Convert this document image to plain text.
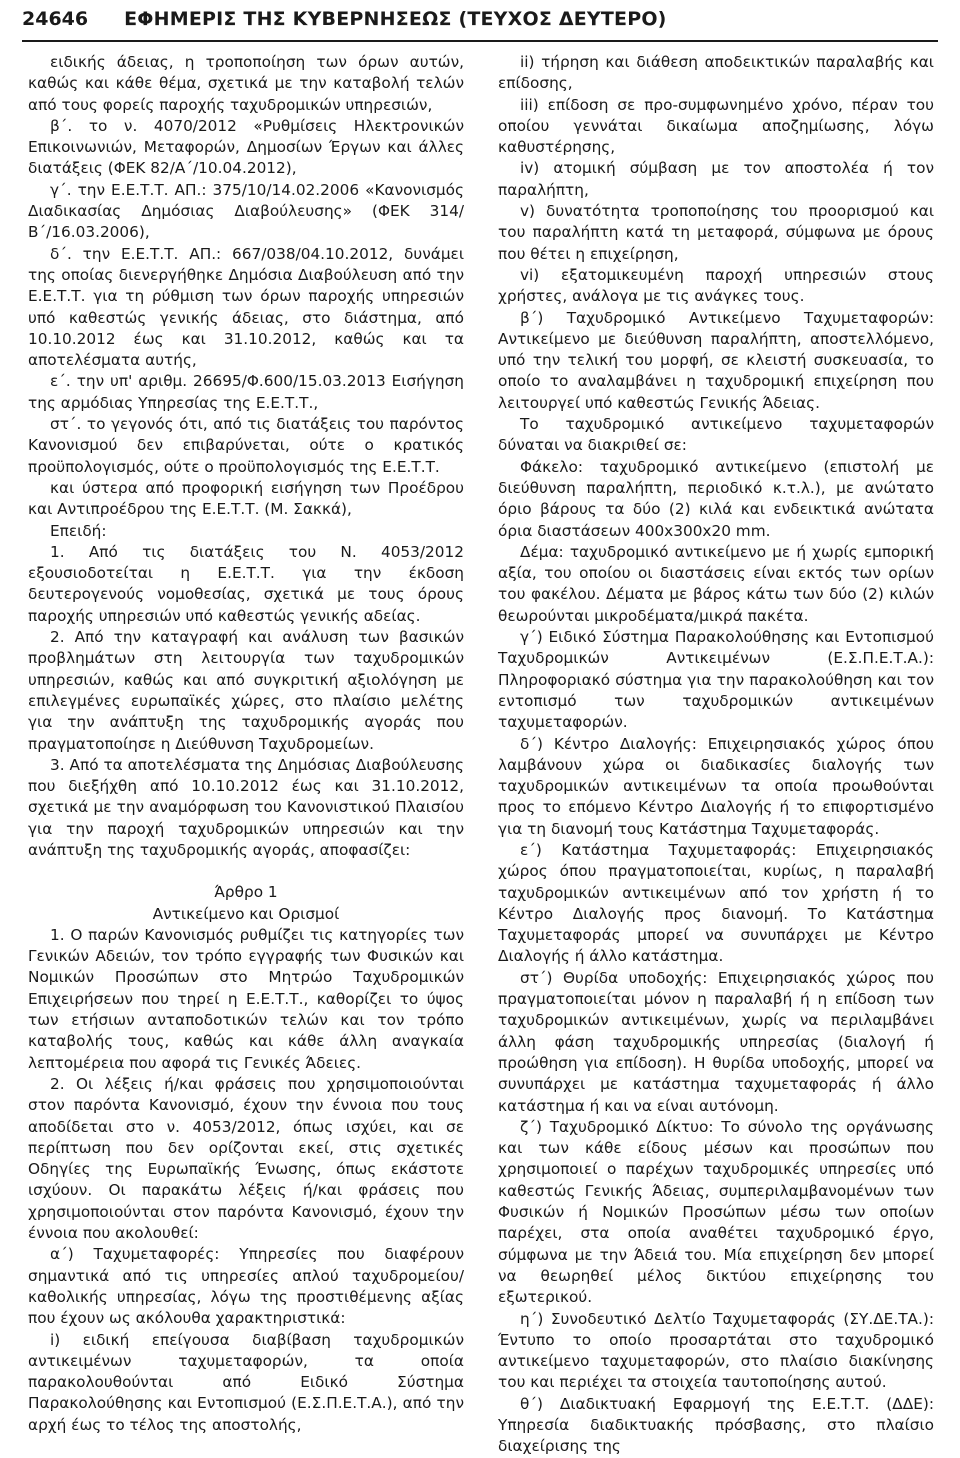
24646 ΕΦΗΜΕΡΙΣ ΤΗΣ ΚΥΒΕΡΝΗΣΕΩΣ (ΤΕΥΧΟΣ ΔΕΥΤΕΡΟ)

ειδικής άδειας, η τροποποίηση των όρων αυτών, καθώς και κάθε θέμα, σχετικά με την καταβολή τελών από τους φορείς παροχής ταχυδρομικών υπηρεσιών,

β΄. το ν. 4070/2012 «Ρυθμίσεις Ηλεκτρονικών Επικοινωνιών, Μεταφορών, Δημοσίων Έργων και άλλες διατάξεις (ΦΕΚ 82/Α΄/10.04.2012),

γ΄. την Ε.Ε.Τ.Τ. ΑΠ.: 375/10/14.02.2006 «Κανονισμός Διαδικασίας Δημόσιας Διαβούλευσης» (ΦΕΚ 314/Β΄/16.03.2006),

δ΄. την Ε.Ε.Τ.Τ. ΑΠ.: 667/038/04.10.2012, δυνάμει της οποίας διενεργήθηκε Δημόσια Διαβούλευση από την Ε.Ε.Τ.Τ. για τη ρύθμιση των όρων παροχής υπηρεσιών υπό καθεστώς γενικής άδειας, στο διάστημα, από 10.10.2012 έως και 31.10.2012, καθώς και τα αποτελέσματα αυτής,

ε΄. την υπ' αριθμ. 26695/Φ.600/15.03.2013 Εισήγηση της αρμόδιας Υπηρεσίας της Ε.Ε.Τ.Τ.,

στ΄. το γεγονός ότι, από τις διατάξεις του παρόντος Κανονισμού δεν επιβαρύνεται, ούτε ο κρατικός προϋπολογισμός, ούτε ο προϋπολογισμός της Ε.Ε.Τ.Τ.

και ύστερα από προφορική εισήγηση των Προέδρου και Αντιπροέδρου της Ε.Ε.Τ.Τ. (Μ. Σακκά),

Επειδή:

1. Από τις διατάξεις του Ν. 4053/2012 εξουσιοδοτείται η Ε.Ε.Τ.Τ. για την έκδοση δευτερογενούς νομοθεσίας, σχετικά με τους όρους παροχής υπηρεσιών υπό καθεστώς γενικής αδείας.

2. Από την καταγραφή και ανάλυση των βασικών προβλημάτων στη λειτουργία των ταχυδρομικών υπηρεσιών, καθώς και από συγκριτική αξιολόγηση με επιλεγμένες ευρωπαϊκές χώρες, στο πλαίσιο μελέτης για την ανάπτυξη της ταχυδρομικής αγοράς που πραγματοποίησε η Διεύθυνση Ταχυδρομείων.

3. Από τα αποτελέσματα της Δημόσιας Διαβούλευσης που διεξήχθη από 10.10.2012 έως και 31.10.2012, σχετικά με την αναμόρφωση του Κανονιστικού Πλαισίου για την παροχή ταχυδρομικών υπηρεσιών και την ανάπτυξη της ταχυδρομικής αγοράς, αποφασίζει:

Άρθρο 1

Αντικείμενο και Ορισμοί

1. Ο παρών Κανονισμός ρυθμίζει τις κατηγορίες των Γενικών Αδειών, τον τρόπο εγγραφής των Φυσικών και Νομικών Προσώπων στο Μητρώο Ταχυδρομικών Επιχειρήσεων που τηρεί η Ε.Ε.Τ.Τ., καθορίζει το ύψος των ετήσιων ανταποδοτικών τελών και τον τρόπο καταβολής τους, καθώς και κάθε άλλη αναγκαία λεπτομέρεια που αφορά τις Γενικές Άδειες.

2. Οι λέξεις ή/και φράσεις που χρησιμοποιούνται στον παρόντα Κανονισμό, έχουν την έννοια που τους αποδίδεται στο ν. 4053/2012, όπως ισχύει, και σε περίπτωση που δεν ορίζονται εκεί, στις σχετικές Οδηγίες της Ευρωπαϊκής Ένωσης, όπως εκάστοτε ισχύουν. Οι παρακάτω λέξεις ή/και φράσεις που χρησιμοποιούνται στον παρόντα Κανονισμό, έχουν την έννοια που ακολουθεί:

α΄) Ταχυμεταφορές: Υπηρεσίες που διαφέρουν σημαντικά από τις υπηρεσίες απλού ταχυδρομείου/καθολικής υπηρεσίας, λόγω της προστιθέμενης αξίας που έχουν ως ακόλουθα χαρακτηριστικά:

i) ειδική επείγουσα διαβίβαση ταχυδρομικών αντικειμένων ταχυμεταφορών, τα οποία παρακολουθούνται από Ειδικό Σύστημα Παρακολούθησης και Εντοπισμού (Ε.Σ.Π.Ε.Τ.Α.), από την αρχή έως το τέλος της αποστολής,

ii) τήρηση και διάθεση αποδεικτικών παραλαβής και επίδοσης,

iii) επίδοση σε προ-συμφωνημένο χρόνο, πέραν του οποίου γεννάται δικαίωμα αποζημίωσης, λόγω καθυστέρησης,

iv) ατομική σύμβαση με τον αποστολέα ή τον παραλήπτη,

v) δυνατότητα τροποποίησης του προορισμού και του παραλήπτη κατά τη μεταφορά, σύμφωνα με όρους που θέτει η επιχείρηση,

vi) εξατομικευμένη παροχή υπηρεσιών στους χρήστες, ανάλογα με τις ανάγκες τους.

β΄) Ταχυδρομικό Αντικείμενο Ταχυμεταφορών: Αντικείμενο με διεύθυνση παραλήπτη, αποστελλόμενο, υπό την τελική του μορφή, σε κλειστή συσκευασία, το οποίο το αναλαμβάνει η ταχυδρομική επιχείρηση που λειτουργεί υπό καθεστώς Γενικής Άδειας.

Το ταχυδρομικό αντικείμενο ταχυμεταφορών δύναται να διακριθεί σε:

Φάκελο: ταχυδρομικό αντικείμενο (επιστολή με διεύθυνση παραλήπτη, περιοδικό κ.τ.λ.), με ανώτατο όριο βάρους τα δύο (2) κιλά και ενδεικτικά ανώτατα όρια διαστάσεων 400x300x20 mm.

Δέμα: ταχυδρομικό αντικείμενο με ή χωρίς εμπορική αξία, του οποίου οι διαστάσεις είναι εκτός των ορίων του φακέλου. Δέματα με βάρος κάτω των δύο (2) κιλών θεωρούνται μικροδέματα/μικρά πακέτα.

γ΄) Ειδικό Σύστημα Παρακολούθησης και Εντοπισμού Ταχυδρομικών Αντικειμένων (Ε.Σ.Π.Ε.Τ.Α.): Πληροφοριακό σύστημα για την παρακολούθηση και τον εντοπισμό των ταχυδρομικών αντικειμένων ταχυμεταφορών.

δ΄) Κέντρο Διαλογής: Επιχειρησιακός χώρος όπου λαμβάνουν χώρα οι διαδικασίες διαλογής των ταχυδρομικών αντικειμένων τα οποία προωθούνται προς το επόμενο Κέντρο Διαλογής ή το επιφορτισμένο για τη διανομή τους Κατάστημα Ταχυμεταφοράς.

ε΄) Κατάστημα Ταχυμεταφοράς: Επιχειρησιακός χώρος όπου πραγματοποιείται, κυρίως, η παραλαβή ταχυδρομικών αντικειμένων από τον χρήστη ή το Κέντρο Διαλογής προς διανομή. Το Κατάστημα Ταχυμεταφοράς μπορεί να συνυπάρχει με Κέντρο Διαλογής ή άλλο κατάστημα.

στ΄) Θυρίδα υποδοχής: Επιχειρησιακός χώρος που πραγματοποιείται μόνον η παραλαβή ή η επίδοση των ταχυδρομικών αντικειμένων, χωρίς να περιλαμβάνει άλλη φάση ταχυδρομικής υπηρεσίας (διαλογή ή προώθηση για επίδοση). Η θυρίδα υποδοχής, μπορεί να συνυπάρχει με κατάστημα ταχυμεταφοράς ή άλλο κατάστημα ή και να είναι αυτόνομη.

ζ΄) Ταχυδρομικό Δίκτυο: Το σύνολο της οργάνωσης και των κάθε είδους μέσων και προσώπων που χρησιμοποιεί ο παρέχων ταχυδρομικές υπηρεσίες υπό καθεστώς Γενικής Άδειας, συμπεριλαμβανομένων των Φυσικών ή Νομικών Προσώπων μέσω των οποίων παρέχει, στα οποία αναθέτει ταχυδρομικό έργο, σύμφωνα με την Άδειά του. Μία επιχείρηση δεν μπορεί να θεωρηθεί μέλος δικτύου επιχείρησης του εξωτερικού.

η΄) Συνοδευτικό Δελτίο Ταχυμεταφοράς (ΣΥ.ΔΕ.ΤΑ.): Έντυπο το οποίο προσαρτάται στο ταχυδρομικό αντικείμενο ταχυμεταφορών, στο πλαίσιο διακίνησης του και περιέχει τα στοιχεία ταυτοποίησης αυτού.

θ΄) Διαδικτυακή Εφαρμογή της Ε.Ε.Τ.Τ. (ΔΔΕ): Υπηρεσία διαδικτυακής πρόσβασης, στο πλαίσιο διαχείρισης της
